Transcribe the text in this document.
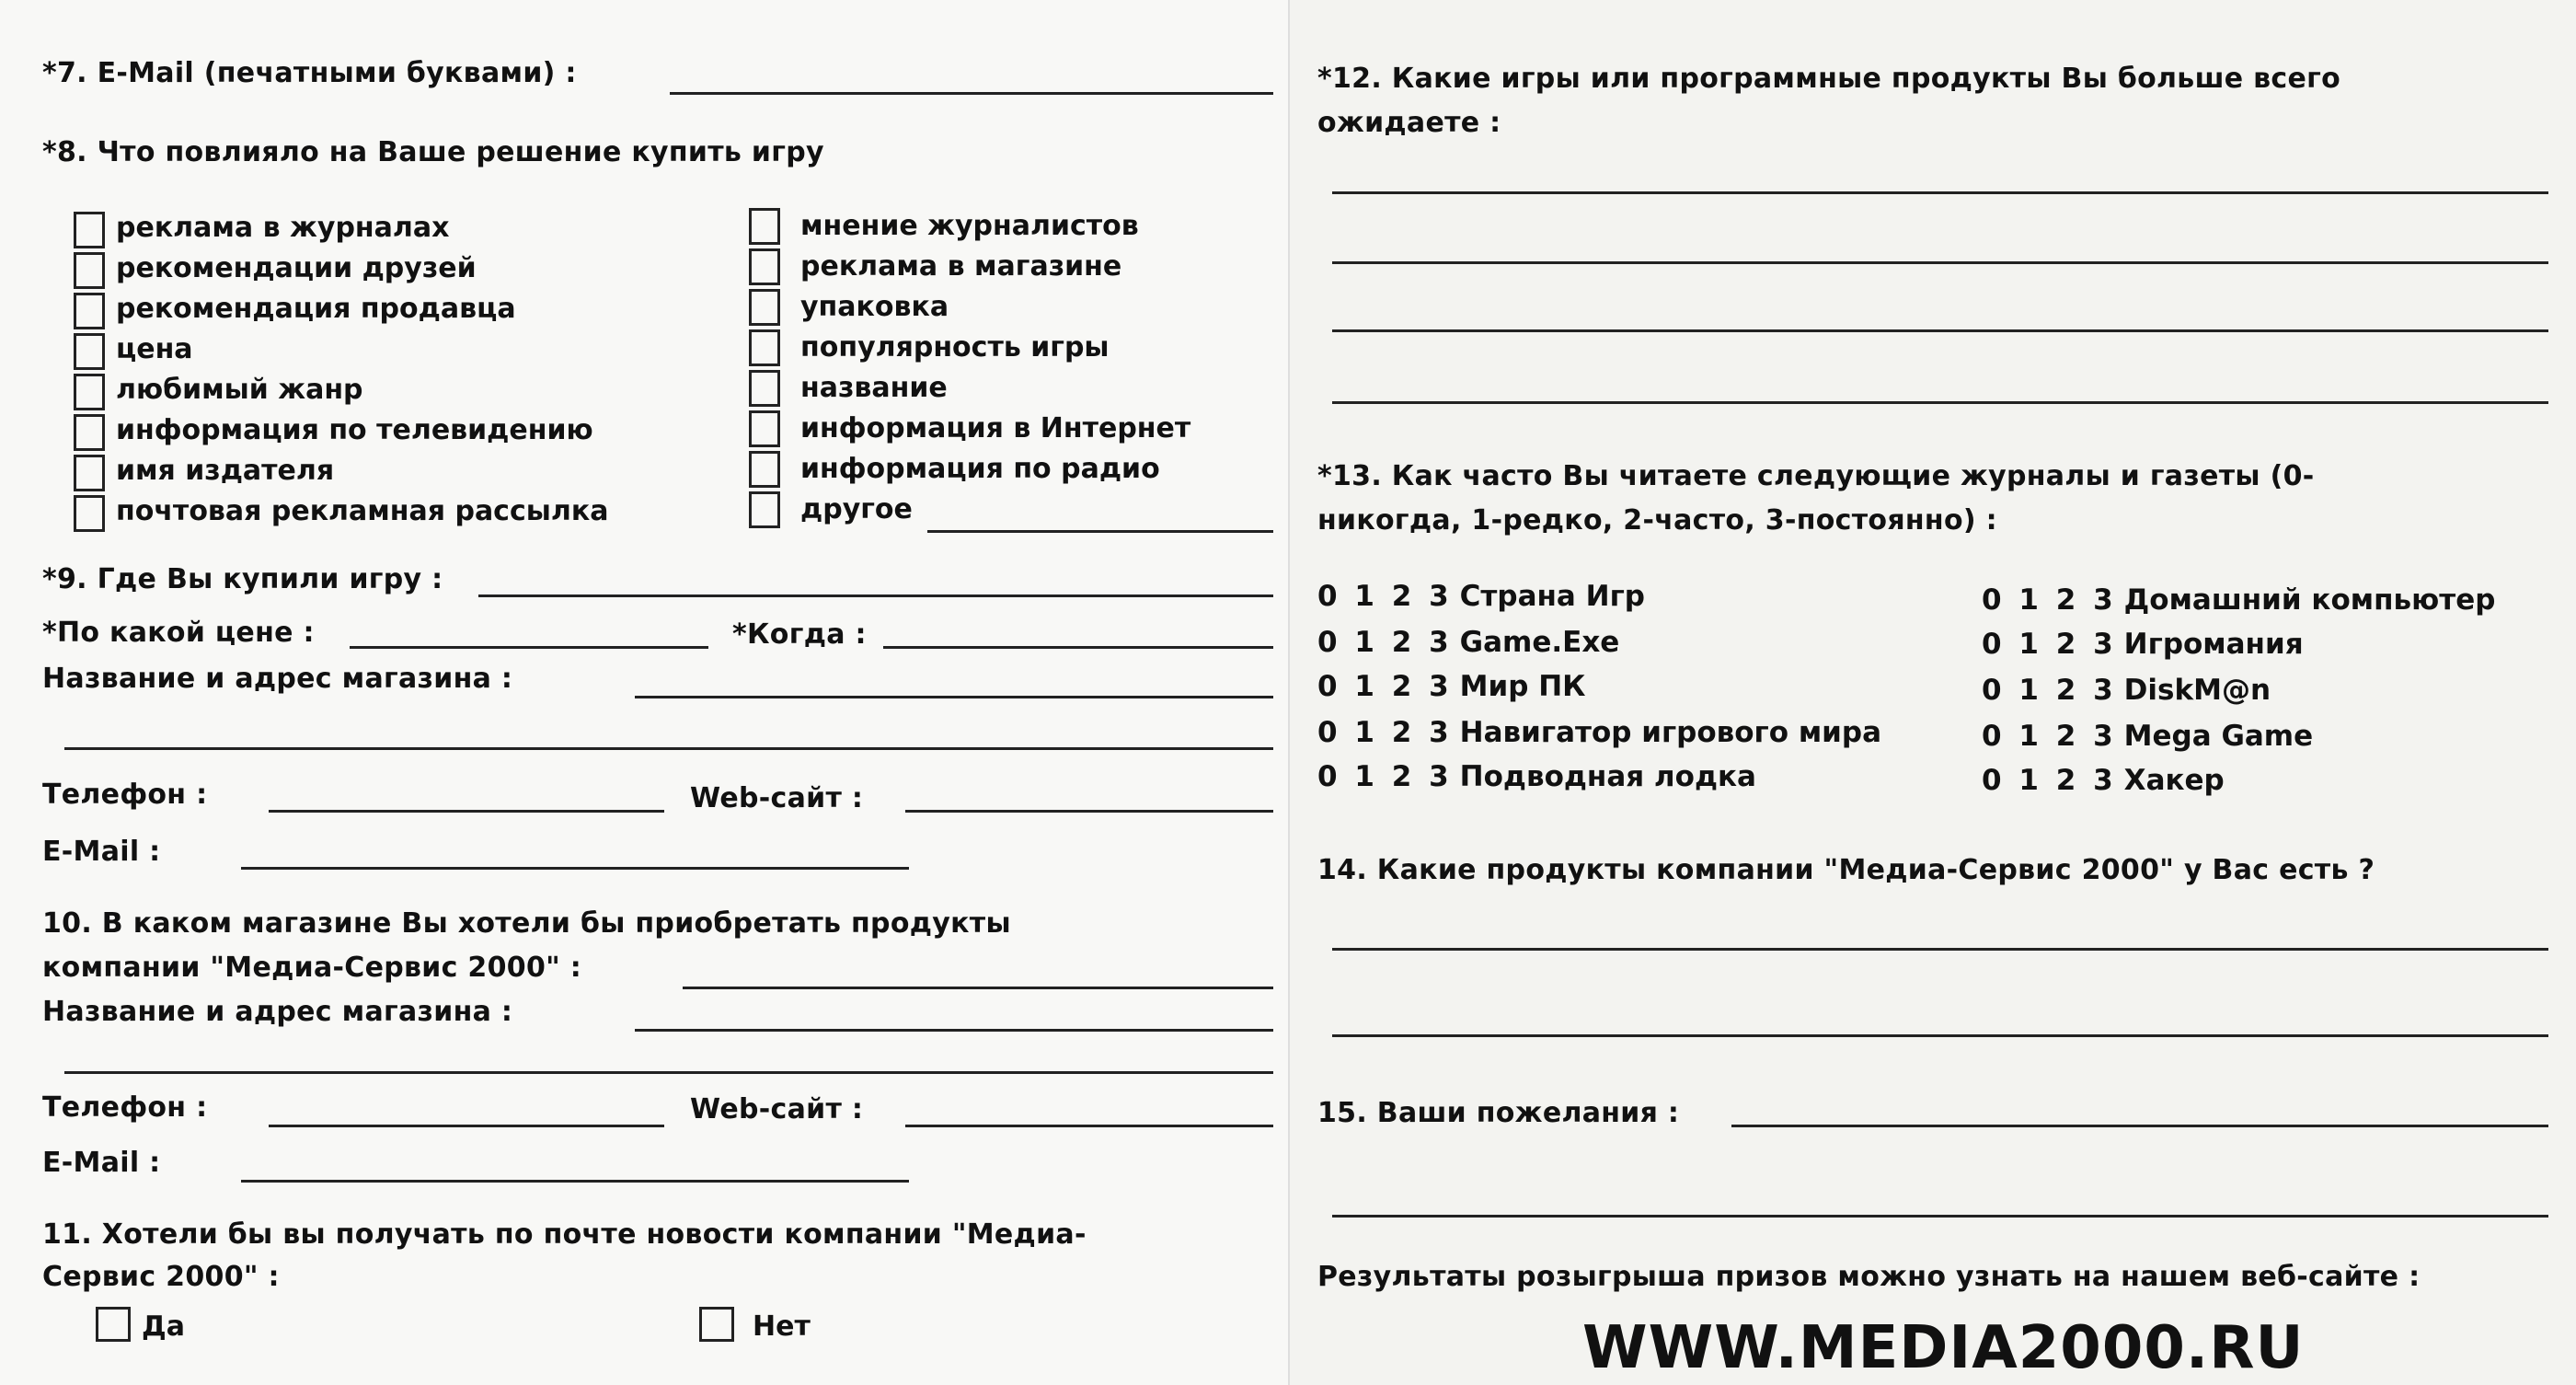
*7. E-Mail (печатными буквами) :
*8. Что повлияло на Ваше решение купить игру
реклама в журналах
рекомендации друзей
рекомендация продавца
цена
любимый жанр
информация по телевидению
имя издателя
почтовая рекламная рассылка
мнение журналистов
реклама в магазине
упаковка
популярность игры
название
информация в Интернет
информация по радио
другое
*9. Где Вы купили игру :
*По какой цене :	*Когда :
Название и адрес магазина :
Телефон :	Web-сайт :
E-Mail :
10. В каком магазине Вы хотели бы приобретать продукты
компании "Медиа-Сервис 2000" :
Название и адрес магазина :
Телефон :	Web-сайт :
E-Mail :
11. Хотели бы вы получать по почте новости компании "Медиа-
Сервис 2000" :
Да	Нет
*12. Какие игры или программные продукты Вы больше всего
ожидаете :
*13. Как часто Вы читаете следующие журналы и газеты (0-
никогда, 1-редко, 2-часто, 3-постоянно) :
0 1 2 3 Страна Игр
0 1 2 3 Game.Exe
0 1 2 3 Мир ПК
0 1 2 3 Навигатор игрового мира
0 1 2 3 Подводная лодка
0 1 2 3 Домашний компьютер
0 1 2 3 Игромания
0 1 2 3 DiskM@n
0 1 2 3 Mega Game
0 1 2 3 Хакер
14. Какие продукты компании "Медиа-Сервис 2000" у Вас есть ?
15. Ваши пожелания :
Результаты розыгрыша призов можно узнать на нашем веб-сайте :
WWW.MEDIA2000.RU
